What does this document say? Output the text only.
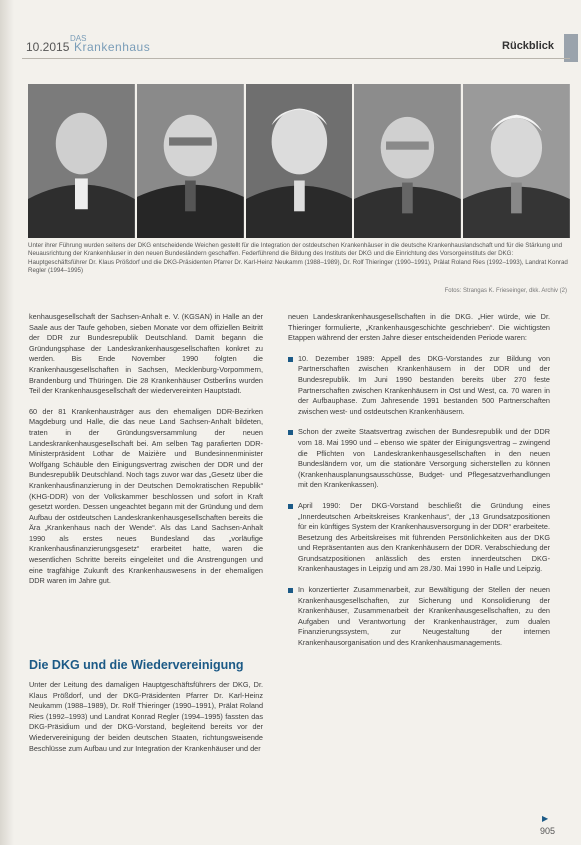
10.2015
DAS
Krankenhaus	Rückblick
Unter ihrer Führung wurden seitens der DKG entscheidende Weichen gestellt für die Integration der ostdeutschen Krankenhäuser in die deutsche Krankenhauslandschaft und für die Stärkung und Neuausrichtung der Krankenhäuser in den neuen Bundesländern geschaffen. Federführend die Bildung des Instituts der DKG und die Einrichtung des Vorsorgeinstituts der DKG: Hauptgeschäftsführer Dr. Klaus Prößdorf und die DKG-Präsidenten Pfarrer Dr. Karl-Heinz Neukamm (1988–1989), Dr. Rolf Thieringer (1990–1991), Prälat Roland Ries (1992–1993), Landrat Konrad Regler (1994–1995)
Fotos: Strangas K. Frieseinger, dkk. Archiv (2)

kenhausgesellschaft der Sachsen-Anhalt e. V. (KGSAN) in Halle an der Saale aus der Taufe gehoben, sieben Monate vor dem offiziellen Beitritt der DDR zur Bundesrepublik Deutschland. Damit begann die Gründungsphase der Landeskrankenhausgesellschaften konkret zu werden. Bis Ende November 1990 folgten die Krankenhausgesellschaften in Sachsen, Mecklenburg-Vorpommern, Brandenburg und Thüringen. Die 28 Krankenhäuser Ostberlins wurden Teil der Krankenhausgesellschaft der wiedervereinten Hauptstadt.

60 der 81 Krankenhausträger aus den ehemaligen DDR-Bezirken Magdeburg und Halle, die das neue Land Sachsen-Anhalt bildeten, traten in der Gründungsversammlung der neuen Landeskrankenhausgesellschaft bei. Am selben Tag parafierten DDR-Ministerpräsident Lothar de Maizière und Bundesinnenminister Wolfgang Schäuble den Einigungsvertrag zwischen der DDR und der Bundesrepublik Deutschland. Noch tags zuvor war das „Gesetz über die Krankenhausfinanzierung in der Deutschen Demokratischen Republik“ (KHG-DDR) von der Volkskammer beschlossen und sofort in Kraft gesetzt worden. Dessen ungeachtet begann mit der Gründung und dem Aufbau der ostdeutschen Landeskrankenhausgesellschaften bereits die Ära „Krankenhaus nach der Wende“. Als das Land Sachsen-Anhalt 1990 als erstes neues Bundesland das „vorläufige Krankenhausfinanzierungsgesetz“ erarbeitet hatte, waren die wesentlichen Schritte bereits eingeleitet und die Anstrengungen und eine tragfähige Zukunft des Krankenhauswesens in der ehemaligen DDR waren im Jahre gut.

Die DKG und die Wiedervereinigung

Unter der Leitung des damaligen Hauptgeschäftsführers der DKG, Dr. Klaus Prößdorf, und der DKG-Präsidenten Pfarrer Dr. Karl-Heinz Neukamm (1988–1989), Dr. Rolf Thieringer (1990–1991), Prälat Roland Ries (1992–1993) und Landrat Konrad Regler (1994–1995) fassten das DKG-Präsidium und der DKG-Vorstand, begleitend bereits vor der Wiedervereinigung der beiden deutschen Staaten, richtungsweisende Beschlüsse zum Aufbau und zur Integration der Krankenhäuser und der

neuen Landeskrankenhausgesellschaften in die DKG. „Hier würde, wie Dr. Thieringer formulierte, „Krankenhausgeschichte geschrieben“. Die wichtigsten Etappen während der ersten Jahre dieser entscheidenden Periode waren:

10. Dezember 1989: Appell des DKG-Vorstandes zur Bildung von Partnerschaften zwischen Krankenhäusern in der DDR und der Bundesrepublik. Im Juni 1990 bestanden bereits über 270 feste Partnerschaften zwischen Krankenhäusern in Ost und West, ca. 70 waren in der Aufbauphase. Zum Jahresende 1991 bestanden 500 Partnerschaften zwischen west- und ostdeutschen Krankenhäusern.
Schon der zweite Staatsvertrag zwischen der Bundesrepublik und der DDR vom 18. Mai 1990 und – ebenso wie später der Einigungsvertrag – zwingend die Pflichten von Landeskrankenhausgesellschaften in den neuen Bundesländern vor, um die stationäre Versorgung sicherstellen zu können (Krankenhausplanungsausschüsse, Budget- und Pflegesatzverhandlungen mit den Krankenkassen).
April 1990: Der DKG-Vorstand beschließt die Gründung eines „Innerdeutschen Arbeitskreises Krankenhaus“, der „13 Grundsatzpositionen für ein künftiges System der Krankenhausversorgung in der DDR“ erarbeitete. Besetzung des Arbeitskreises mit führenden Persönlichkeiten aus der DKG und Repräsentanten aus den Krankenhäusern der DDR. Verabschiedung der Grundsatzpositionen anlässlich des ersten innerdeutschen DKG-Krankenhaustages in Leipzig und am 28./30. Mai 1990 in Halle und Leipzig.
In konzertierter Zusammenarbeit, zur Bewältigung der Stellen der neuen Krankenhausgesellschaften, zur Sicherung und Konsolidierung der Krankenhäuser, Zusammenarbeit der Krankenhausgesellschaften, zu den Aufgaben und Verantwortung der Krankenhausträger, zum dualen Finanzierungssystem, zur Neugestaltung der internen Krankenhausorganisation und des Krankenhausmanagements.
▶
905
